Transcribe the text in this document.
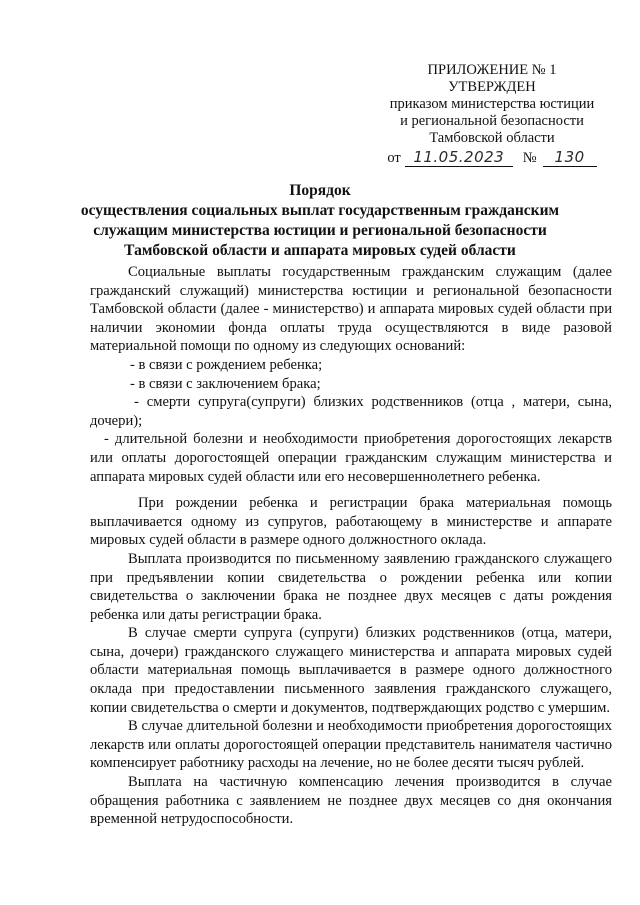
ПРИЛОЖЕНИЕ № 1
УТВЕРЖДЕН
приказом министерства юстиции
и региональной безопасности
Тамбовской области
от 11.05.2023	№	130
Порядок
осуществления социальных выплат государственным гражданским
служащим министерства юстиции и региональной безопасности
Тамбовской области и аппарата мировых судей области

Социальные выплаты государственным гражданским служащим (далее гражданский служащий) министерства юстиции и региональной безопасности Тамбовской области (далее - министерство) и аппарата мировых судей области при наличии экономии фонда оплаты труда осуществляются в виде разовой материальной помощи по одному из следующих оснований:

- в связи с рождением ребенка;

- в связи с заключением брака;

- смерти супруга(супруги) близких родственников (отца , матери, сына, дочери);

- длительной болезни и необходимости приобретения дорогостоящих лекарств или оплаты дорогостоящей операции гражданским служащим министерства и аппарата мировых судей области или его несовершеннолетнего ребенка.

При рождении ребенка и регистрации брака материальная помощь выплачивается одному из супругов, работающему в министерстве и аппарате мировых судей области в размере одного должностного оклада.

Выплата производится по письменному заявлению гражданского служащего при предъявлении копии свидетельства о рождении ребенка или копии свидетельства о заключении брака не позднее двух месяцев с даты рождения ребенка или даты регистрации брака.

В случае смерти супруга (супруги) близких родственников (отца, матери, сына, дочери) гражданского служащего министерства и аппарата мировых судей области материальная помощь выплачивается в размере одного должностного оклада при предоставлении письменного заявления гражданского служащего, копии свидетельства о смерти и документов, подтверждающих родство с умершим.

В случае длительной болезни и необходимости приобретения дорогостоящих лекарств или оплаты дорогостоящей операции представитель нанимателя частично компенсирует работнику расходы на лечение, но не более десяти тысяч рублей.

Выплата на частичную компенсацию лечения производится в случае обращения работника с заявлением не позднее двух месяцев со дня окончания временной нетрудоспособности.
